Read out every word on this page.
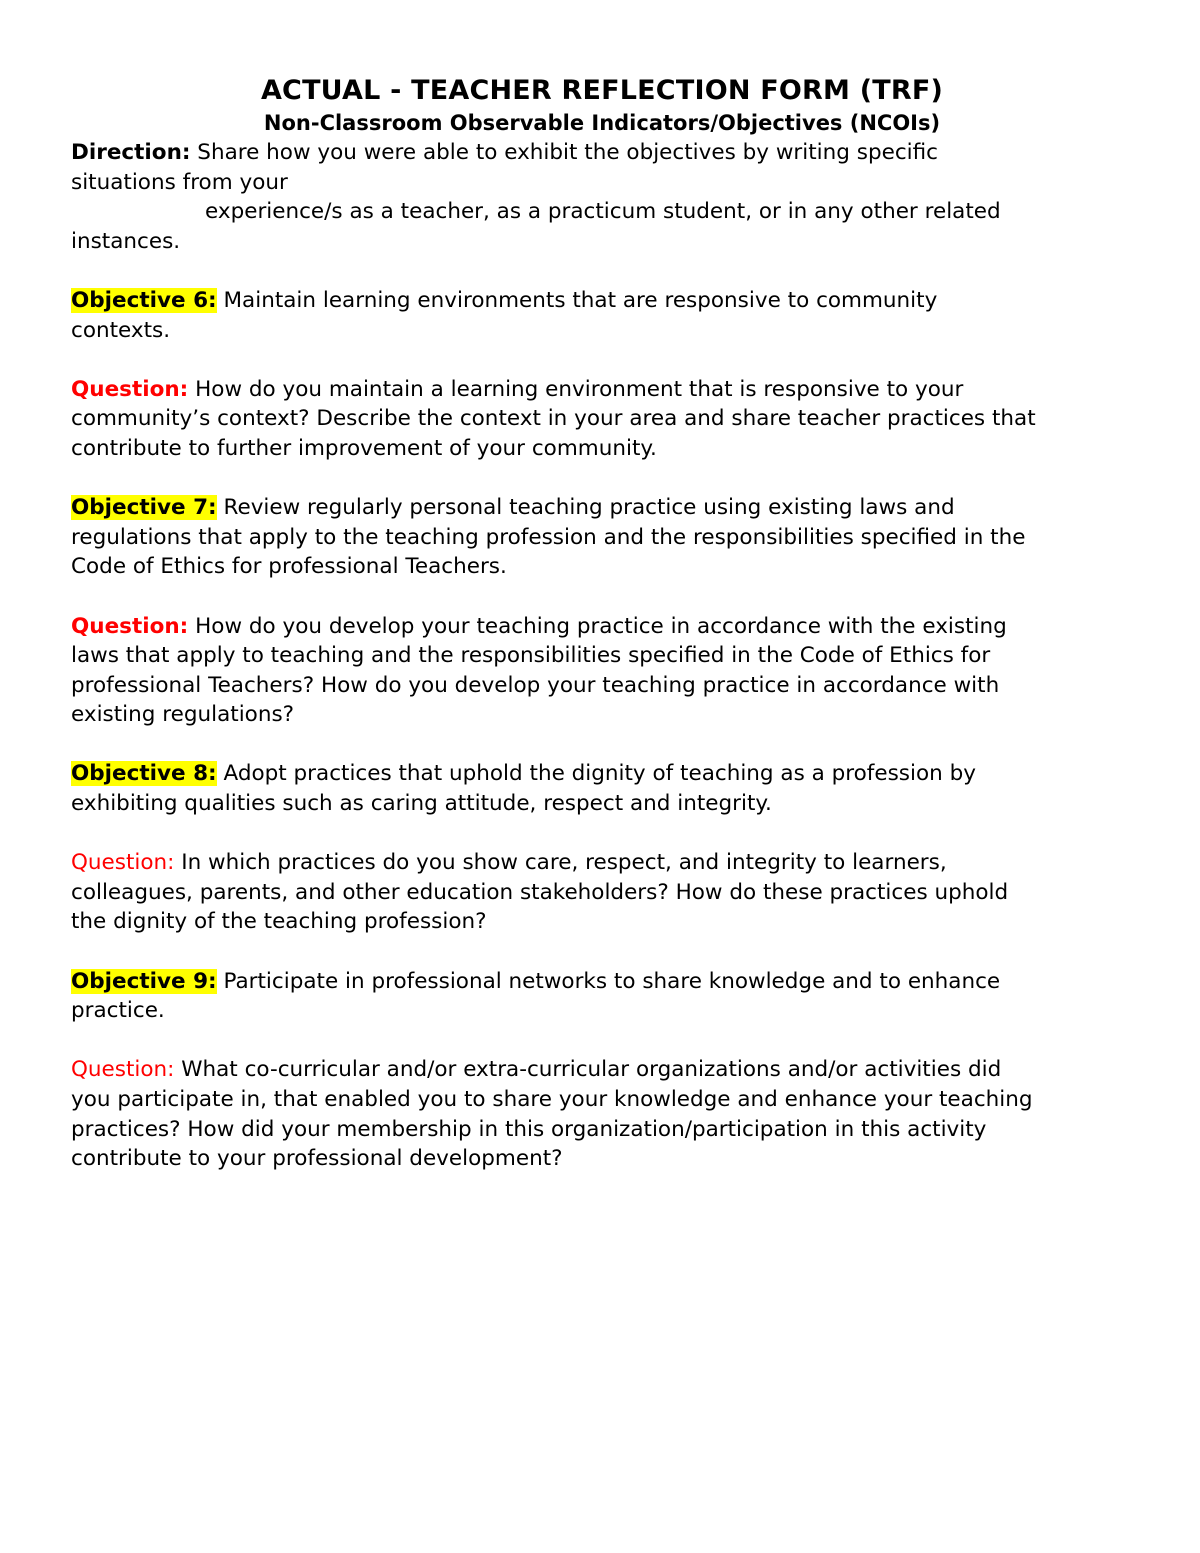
ACTUAL - TEACHER REFLECTION FORM (TRF)

Non-Classroom Observable Indicators/Objectives (NCOIs)

Direction: Share how you were able to exhibit the objectives by writing specific
situations from your
experience/s as a teacher, as a practicum student, or in any other related
instances.
Objective 6: Maintain learning environments that are responsive to community
contexts.
Question: How do you maintain a learning environment that is responsive to your
community’s context? Describe the context in your area and share teacher practices that
contribute to further improvement of your community.
Objective 7: Review regularly personal teaching practice using existing laws and
regulations that apply to the teaching profession and the responsibilities specified in the
Code of Ethics for professional Teachers.
Question: How do you develop your teaching practice in accordance with the existing
laws that apply to teaching and the responsibilities specified in the Code of Ethics for
professional Teachers? How do you develop your teaching practice in accordance with
existing regulations?
Objective 8: Adopt practices that uphold the dignity of teaching as a profession by
exhibiting qualities such as caring attitude, respect and integrity.
Question: In which practices do you show care, respect, and integrity to learners,
colleagues, parents, and other education stakeholders? How do these practices uphold
the dignity of the teaching profession?
Objective 9: Participate in professional networks to share knowledge and to enhance
practice.
Question: What co-curricular and/or extra-curricular organizations and/or activities did
you participate in, that enabled you to share your knowledge and enhance your teaching
practices? How did your membership in this organization/participation in this activity
contribute to your professional development?
